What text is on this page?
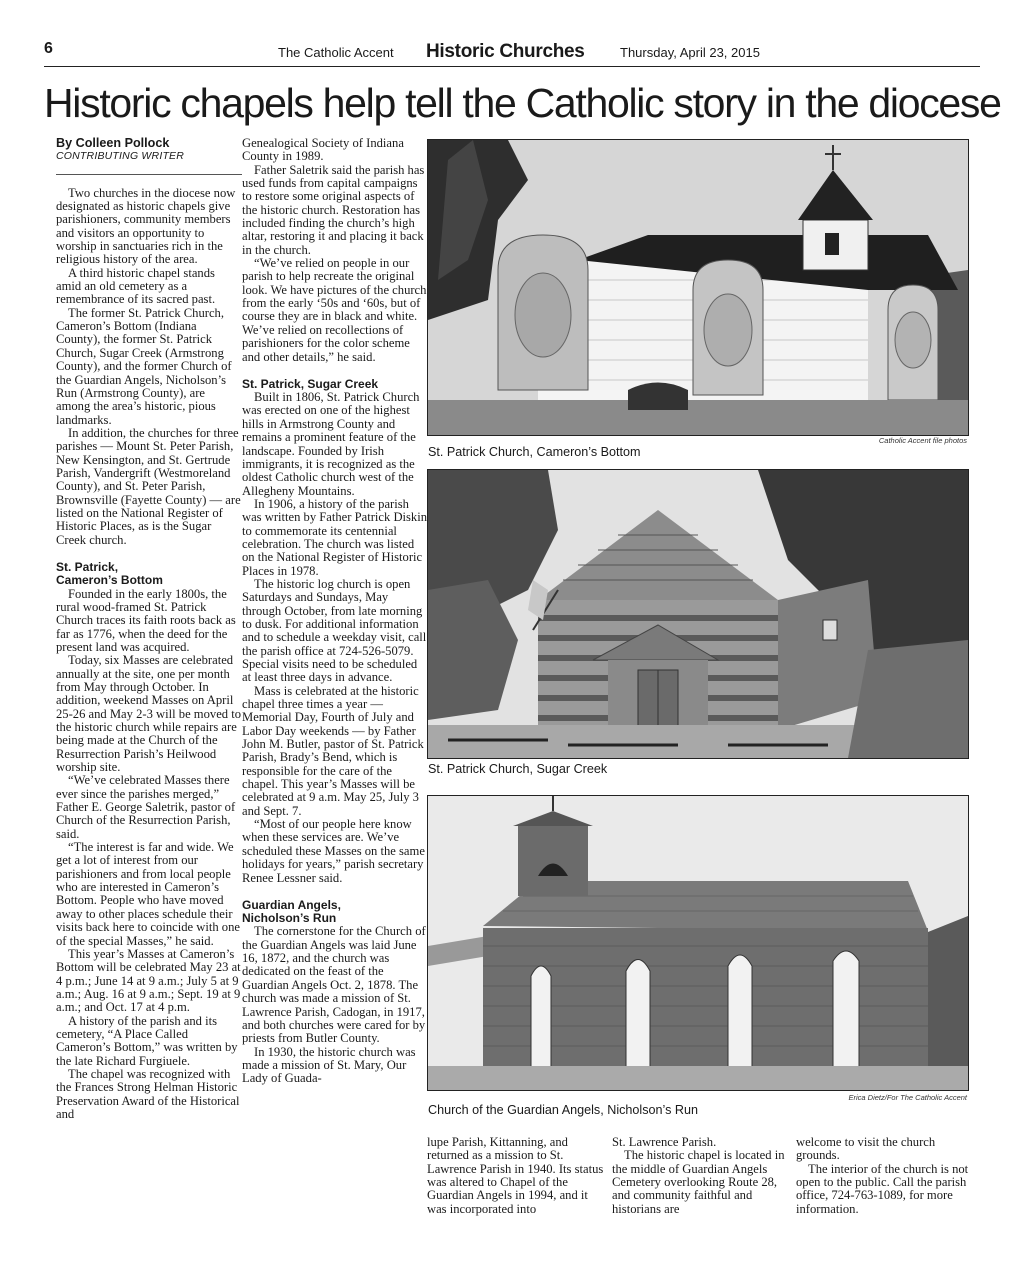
6	The Catholic Accent Historic Churches	Thursday, April 23, 2015
Historic chapels help tell the Catholic story in the diocese
By Colleen Pollock
CONTRIBUTING WRITER

Two churches in the diocese now designated as historic chapels give parishioners, community members and visitors an opportunity to worship in sanctuaries rich in the religious history of the area.

A third historic chapel stands amid an old cemetery as a remembrance of its sacred past.

The former St. Patrick Church, Cameron’s Bottom (Indiana County), the former St. Patrick Church, Sugar Creek (Armstrong County), and the former Church of the Guardian Angels, Nicholson’s Run (Armstrong County), are among the area’s historic, pious landmarks.

In addition, the churches for three parishes — Mount St. Peter Parish, New Kensington, and St. Gertrude Parish, Vandergrift (Westmoreland County), and St. Peter Parish, Brownsville (Fayette County) — are listed on the National Register of Historic Places, as is the Sugar Creek church.

St. Patrick,
Cameron’s Bottom

Founded in the early 1800s, the rural wood-framed St. Patrick Church traces its faith roots back as far as 1776, when the deed for the present land was acquired.

Today, six Masses are celebrated annually at the site, one per month from May through October. In addition, weekend Masses on April 25-26 and May 2-3 will be moved to the historic church while repairs are being made at the Church of the Resurrection Parish’s Heilwood worship site.

“We’ve celebrated Masses there ever since the parishes merged,” Father E. George Saletrik, pastor of Church of the Resurrection Parish, said.

“The interest is far and wide. We get a lot of interest from our parishioners and from local people who are interested in Cameron’s Bottom. People who have moved away to other places schedule their visits back here to coincide with one of the special Masses,” he said.

This year’s Masses at Cameron’s Bottom will be celebrated May 23 at 4 p.m.; June 14 at 9 a.m.; July 5 at 9 a.m.; Aug. 16 at 9 a.m.; Sept. 19 at 9 a.m.; and Oct. 17 at 4 p.m.

A history of the parish and its cemetery, “A Place Called Cameron’s Bottom,” was written by the late Richard Furgiuele.

The chapel was recognized with the Frances Strong Helman Historic Preservation Award of the Historical and

Genealogical Society of Indiana County in 1989.

Father Saletrik said the parish has used funds from capital campaigns to restore some original aspects of the historic church. Restoration has included finding the church’s high altar, restoring it and placing it back in the church.

“We’ve relied on people in our parish to help recreate the original look. We have pictures of the church from the early ‘50s and ‘60s, but of course they are in black and white. We’ve relied on recollections of parishioners for the color scheme and other details,” he said.

St. Patrick, Sugar Creek

Built in 1806, St. Patrick Church was erected on one of the highest hills in Armstrong County and remains a prominent feature of the landscape. Founded by Irish immigrants, it is recognized as the oldest Catholic church west of the Allegheny Mountains.

In 1906, a history of the parish was written by Father Patrick Diskin to commemorate its centennial celebration. The church was listed on the National Register of Historic Places in 1978.

The historic log church is open Saturdays and Sundays, May through October, from late morning to dusk. For additional information and to schedule a weekday visit, call the parish office at 724-526-5079. Special visits need to be scheduled at least three days in advance.

Mass is celebrated at the historic chapel three times a year — Memorial Day, Fourth of July and Labor Day weekends — by Father John M. Butler, pastor of St. Patrick Parish, Brady’s Bend, which is responsible for the care of the chapel. This year’s Masses will be celebrated at 9 a.m. May 25, July 3 and Sept. 7.

“Most of our people here know when these services are. We’ve scheduled these Masses on the same holidays for years,” parish secretary Renee Lessner said.

Guardian Angels,
Nicholson’s Run

The cornerstone for the Church of the Guardian Angels was laid June 16, 1872, and the church was dedicated on the feast of the Guardian Angels Oct. 2, 1878. The church was made a mission of St. Lawrence Parish, Cadogan, in 1917, and both churches were cared for by priests from Butler County.

In 1930, the historic church was made a mission of St. Mary, Our Lady of Guada-

Catholic Accent file photos
St. Patrick Church, Cameron’s Bottom
St. Patrick Church, Sugar Creek
Erica Dietz/For The Catholic Accent
Church of the Guardian Angels, Nicholson’s Run

lupe Parish, Kittanning, and returned as a mission to St. Lawrence Parish in 1940. Its status was altered to Chapel of the Guardian Angels in 1994, and it was incorporated into

St. Lawrence Parish.

The historic chapel is located in the middle of Guardian Angels Cemetery overlooking Route 28, and community faithful and historians are

welcome to visit the church grounds.

The interior of the church is not open to the public. Call the parish office, 724-763-1089, for more information.
